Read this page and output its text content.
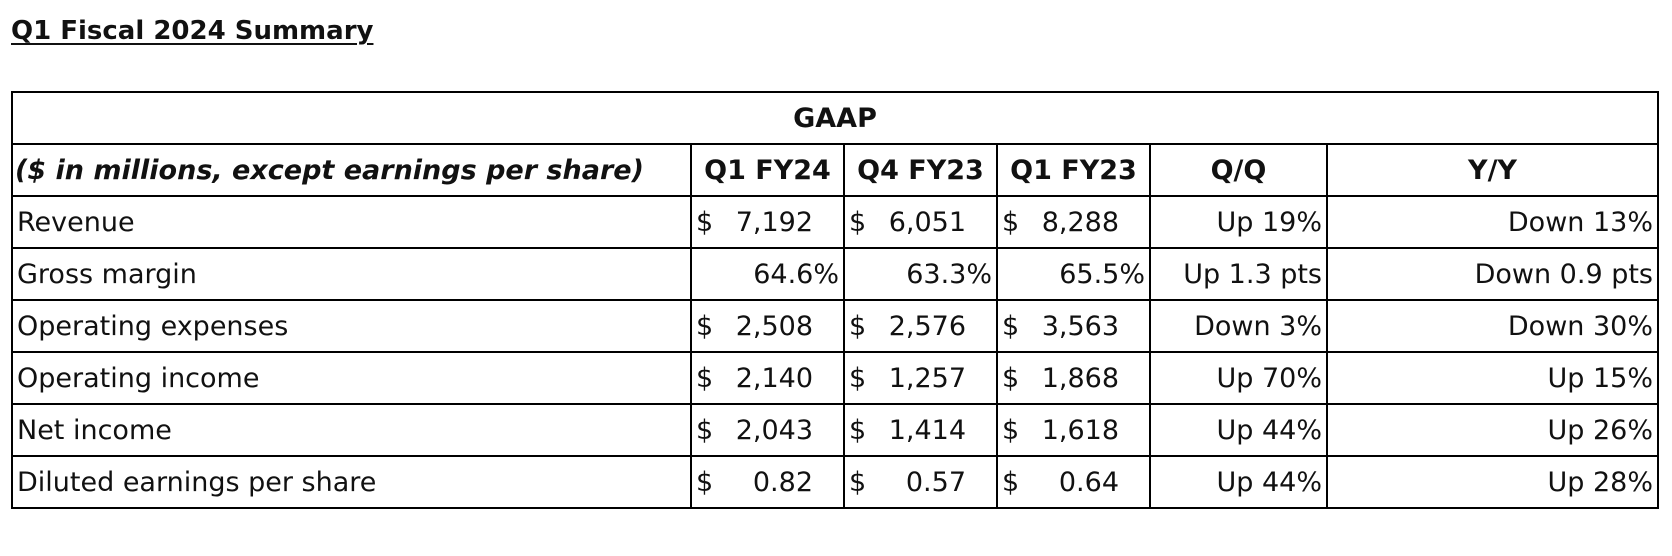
Q1 Fiscal 2024 Summary
GAAP					
($ in millions, except earnings per share)	Q1 FY24	Q4 FY23	Q1 FY23	Q/Q	Y/Y
Revenue	$ 7,192	$ 6,051	$ 8,288	Up 19%	Down 13%
Gross margin	64.6%	63.3%	65.5%	Up 1.3 pts	Down 0.9 pts
Operating expenses	$ 2,508	$ 2,576	$ 3,563	Down 3%	Down 30%
Operating income	$ 2,140	$ 1,257	$ 1,868	Up 70%	Up 15%
Net income	$ 2,043	$ 1,414	$ 1,618	Up 44%	Up 26%
Diluted earnings per share	$ 0.82	$ 0.57	$ 0.64	Up 44%	Up 28%
